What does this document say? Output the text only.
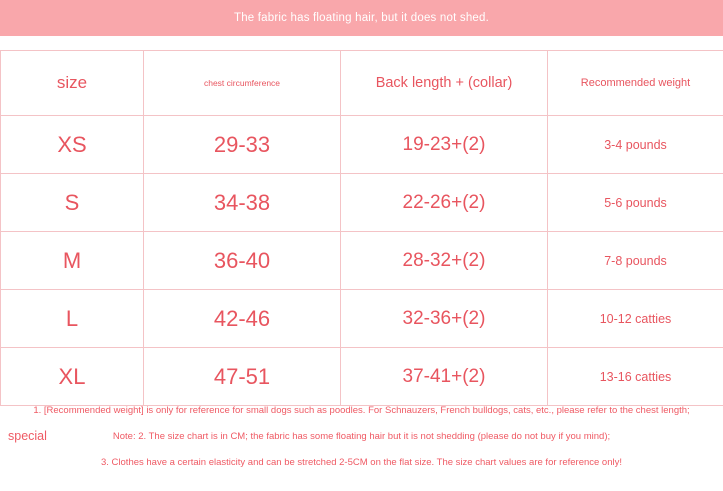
The fabric has floating hair, but it does not shed.
size	chest circumference	Back length + (collar)	Recommended weight
XS	29-33	19-23+(2)	3-4 pounds
S	34-38	22-26+(2)	5-6 pounds
M	36-40	28-32+(2)	7-8 pounds
L	42-46	32-36+(2)	10-12 catties
XL	47-51	37-41+(2)	13-16 catties
special
1. [Recommended weight] is only for reference for small dogs such as poodles. For Schnauzers, French bulldogs, cats, etc., please refer to the chest length;
Note: 2. The size chart is in CM; the fabric has some floating hair but it is not shedding (please do not buy if you mind);
3. Clothes have a certain elasticity and can be stretched 2-5CM on the flat size. The size chart values are for reference only!
